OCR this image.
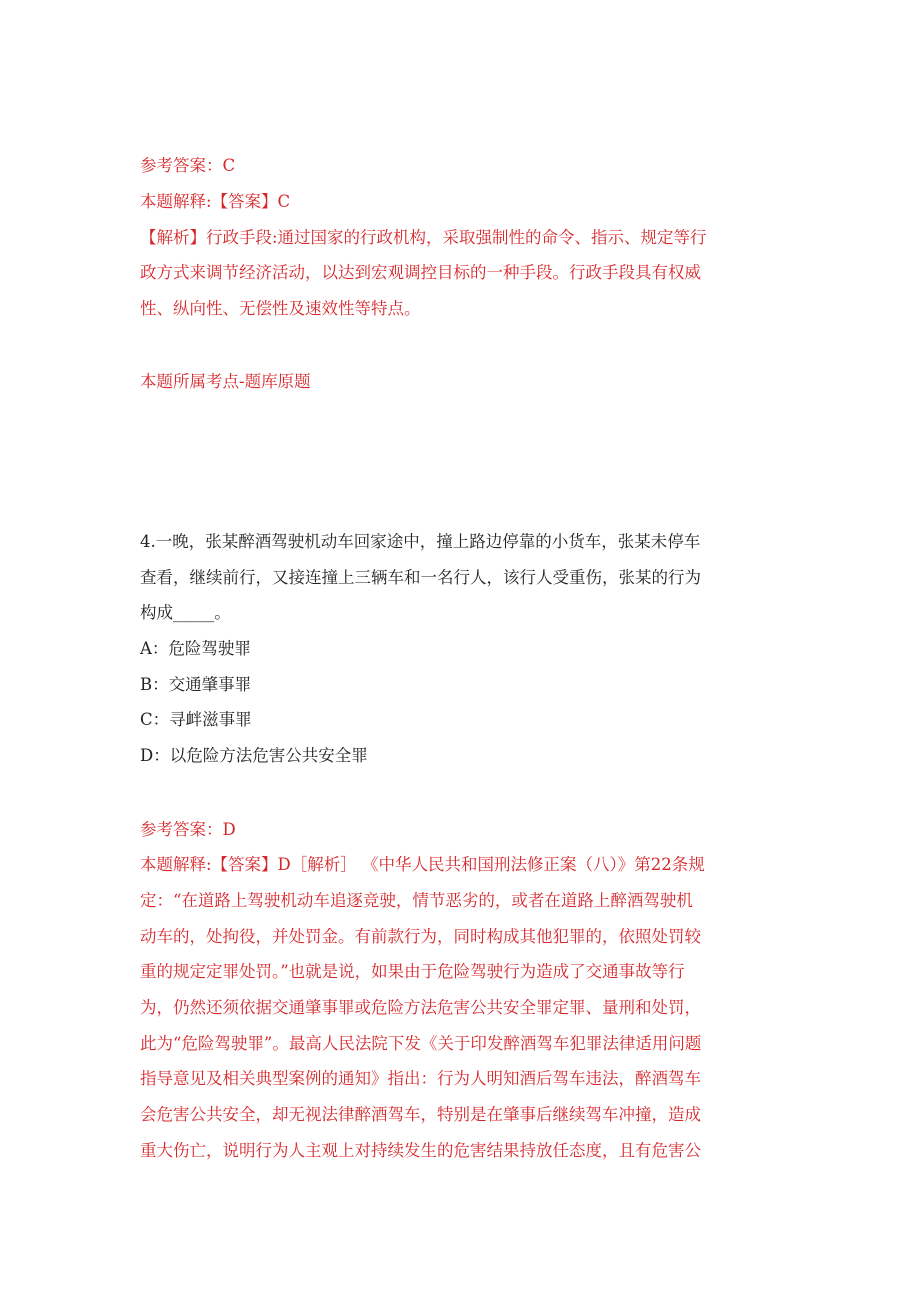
参考答案：C
本题解释:【答案】C
【解析】行政手段:通过国家的行政机构，采取强制性的命令、指示、规定等行
政方式来调节经济活动，以达到宏观调控目标的一种手段。行政手段具有权威
性、纵向性、无偿性及速效性等特点。
本题所属考点-题库原题
4.一晚，张某醉酒驾驶机动车回家途中，撞上路边停靠的小货车，张某未停车
查看，继续前行，又接连撞上三辆车和一名行人，该行人受重伤，张某的行为
构成_____。
A：危险驾驶罪
B：交通肇事罪
C：寻衅滋事罪
D：以危险方法危害公共安全罪
参考答案：D
本题解释:【答案】D［解析］ 《中华人民共和国刑法修正案（八）》第22条规
定：“在道路上驾驶机动车追逐竞驶，情节恶劣的，或者在道路上醉酒驾驶机
动车的，处拘役，并处罚金。有前款行为，同时构成其他犯罪的，依照处罚较
重的规定定罪处罚。”也就是说，如果由于危险驾驶行为造成了交通事故等行
为，仍然还须依据交通肇事罪或危险方法危害公共安全罪定罪、量刑和处罚，
此为“危险驾驶罪”。最高人民法院下发《关于印发醉酒驾车犯罪法律适用问题
指导意见及相关典型案例的通知》指出：行为人明知酒后驾车违法，醉酒驾车
会危害公共安全，却无视法律醉酒驾车，特别是在肇事后继续驾车冲撞，造成
重大伤亡，说明行为人主观上对持续发生的危害结果持放任态度，且有危害公
